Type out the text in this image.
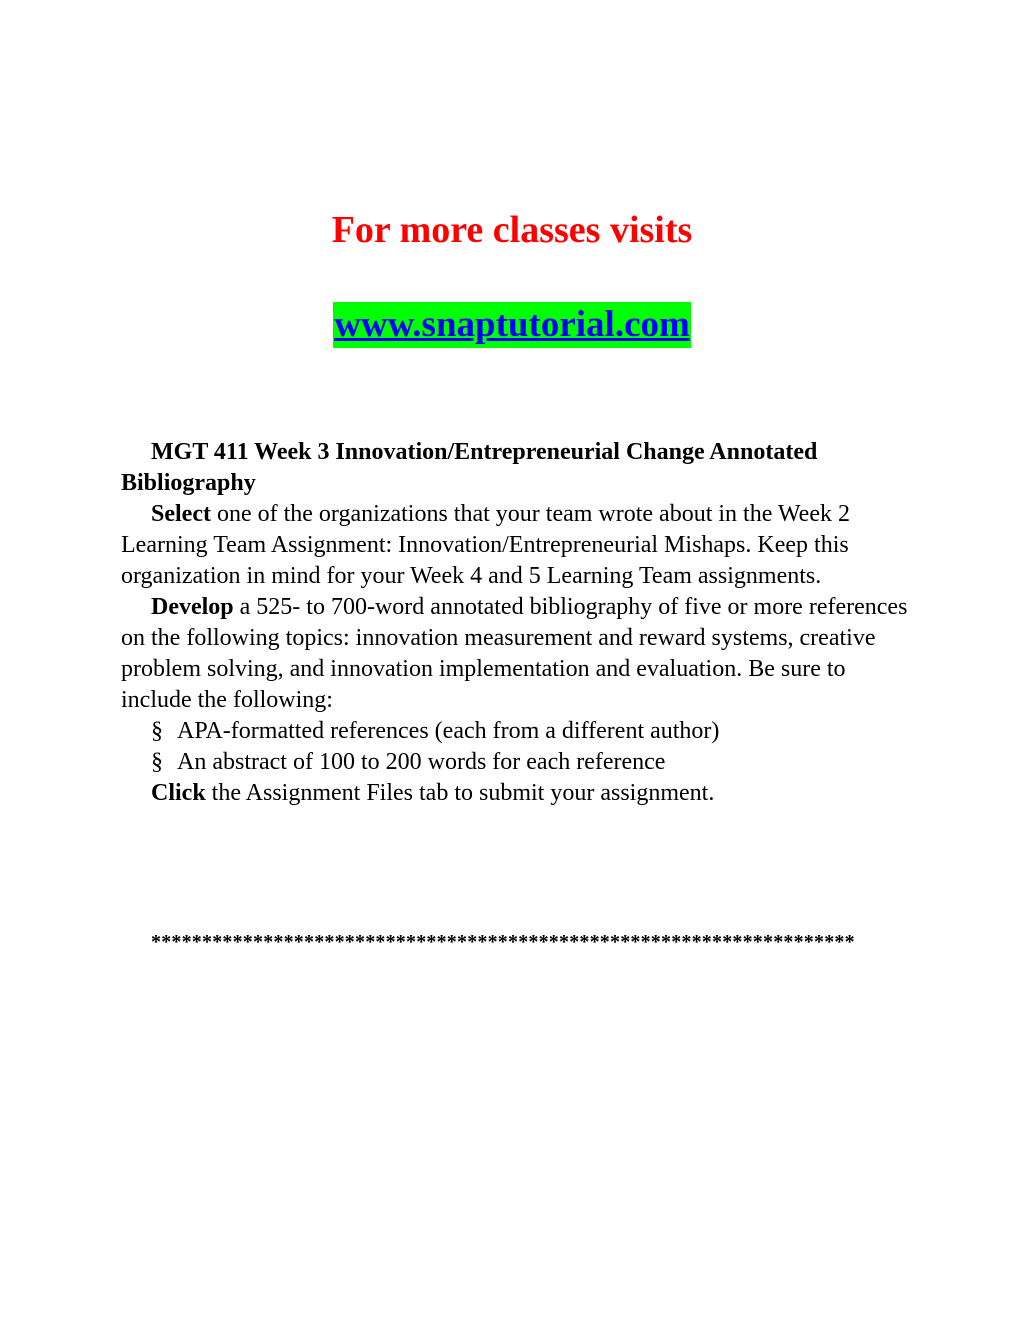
For more classes visits
www.snaptutorial.com

MGT 411 Week 3 Innovation/Entrepreneurial Change Annotated Bibliography

Select one of the organizations that your team wrote about in the Week 2 Learning Team Assignment: Innovation/Entrepreneurial Mishaps. Keep this organization in mind for your Week 4 and 5 Learning Team assignments.

Develop a 525- to 700-word annotated bibliography of five or more references on the following topics: innovation measurement and reward systems, creative problem solving, and innovation implementation and evaluation. Be sure to include the following:

§ APA-formatted references (each from a different author)

§ An abstract of 100 to 200 words for each reference

Click the Assignment Files tab to submit your assignment.

*********************************************************************
